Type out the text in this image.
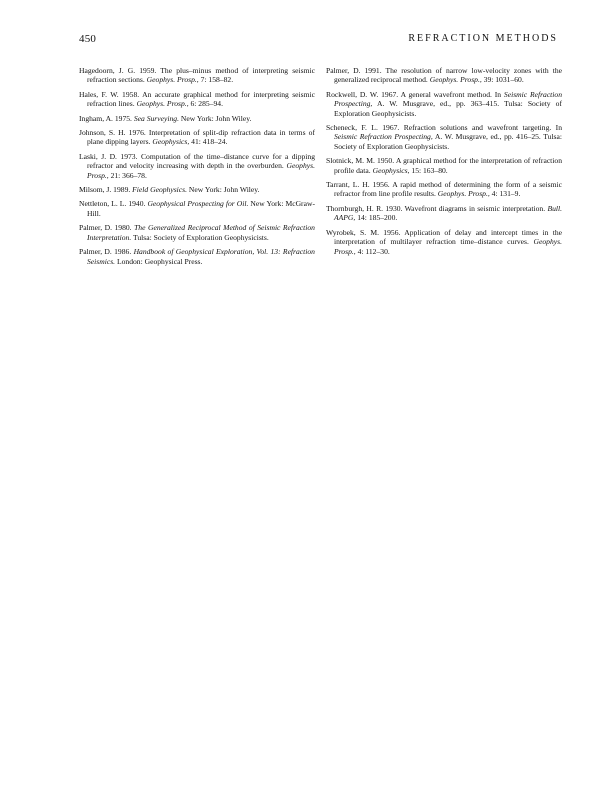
450	REFRACTION METHODS

Hagedoorn, J. G. 1959. The plus–minus method of interpreting seismic refraction sections. Geophys. Prosp., 7: 158–82.

Hales, F. W. 1958. An accurate graphical method for interpreting seismic refraction lines. Geophys. Prosp., 6: 285–94.

Ingham, A. 1975. Sea Surveying. New York: John Wiley.

Johnson, S. H. 1976. Interpretation of split-dip refraction data in terms of plane dipping layers. Geophysics, 41: 418–24.

Laski, J. D. 1973. Computation of the time–distance curve for a dipping refractor and velocity increasing with depth in the overburden. Geophys. Prosp., 21: 366–78.

Milsom, J. 1989. Field Geophysics. New York: John Wiley.

Nettleton, L. L. 1940. Geophysical Prospecting for Oil. New York: McGraw-Hill.

Palmer, D. 1980. The Generalized Reciprocal Method of Seismic Refraction Interpretation. Tulsa: Society of Exploration Geophysicists.

Palmer, D. 1986. Handbook of Geophysical Exploration, Vol. 13: Refraction Seismics. London: Geophysical Press.

Palmer, D. 1991. The resolution of narrow low-velocity zones with the generalized reciprocal method. Geophys. Prosp., 39: 1031–60.

Rockwell, D. W. 1967. A general wavefront method. In Seismic Refraction Prospecting, A. W. Musgrave, ed., pp. 363–415. Tulsa: Society of Exploration Geophysicists.

Scheneck, F. L. 1967. Refraction solutions and wavefront targeting. In Seismic Refraction Prospecting, A. W. Musgrave, ed., pp. 416–25. Tulsa: Society of Exploration Geophysicists.

Slotnick, M. M. 1950. A graphical method for the interpretation of refraction profile data. Geophysics, 15: 163–80.

Tarrant, L. H. 1956. A rapid method of determining the form of a seismic refractor from line profile results. Geophys. Prosp., 4: 131–9.

Thornburgh, H. R. 1930. Wavefront diagrams in seismic interpretation. Bull. AAPG, 14: 185–200.

Wyrobek, S. M. 1956. Application of delay and intercept times in the interpretation of multilayer refraction time–distance curves. Geophys. Prosp., 4: 112–30.
